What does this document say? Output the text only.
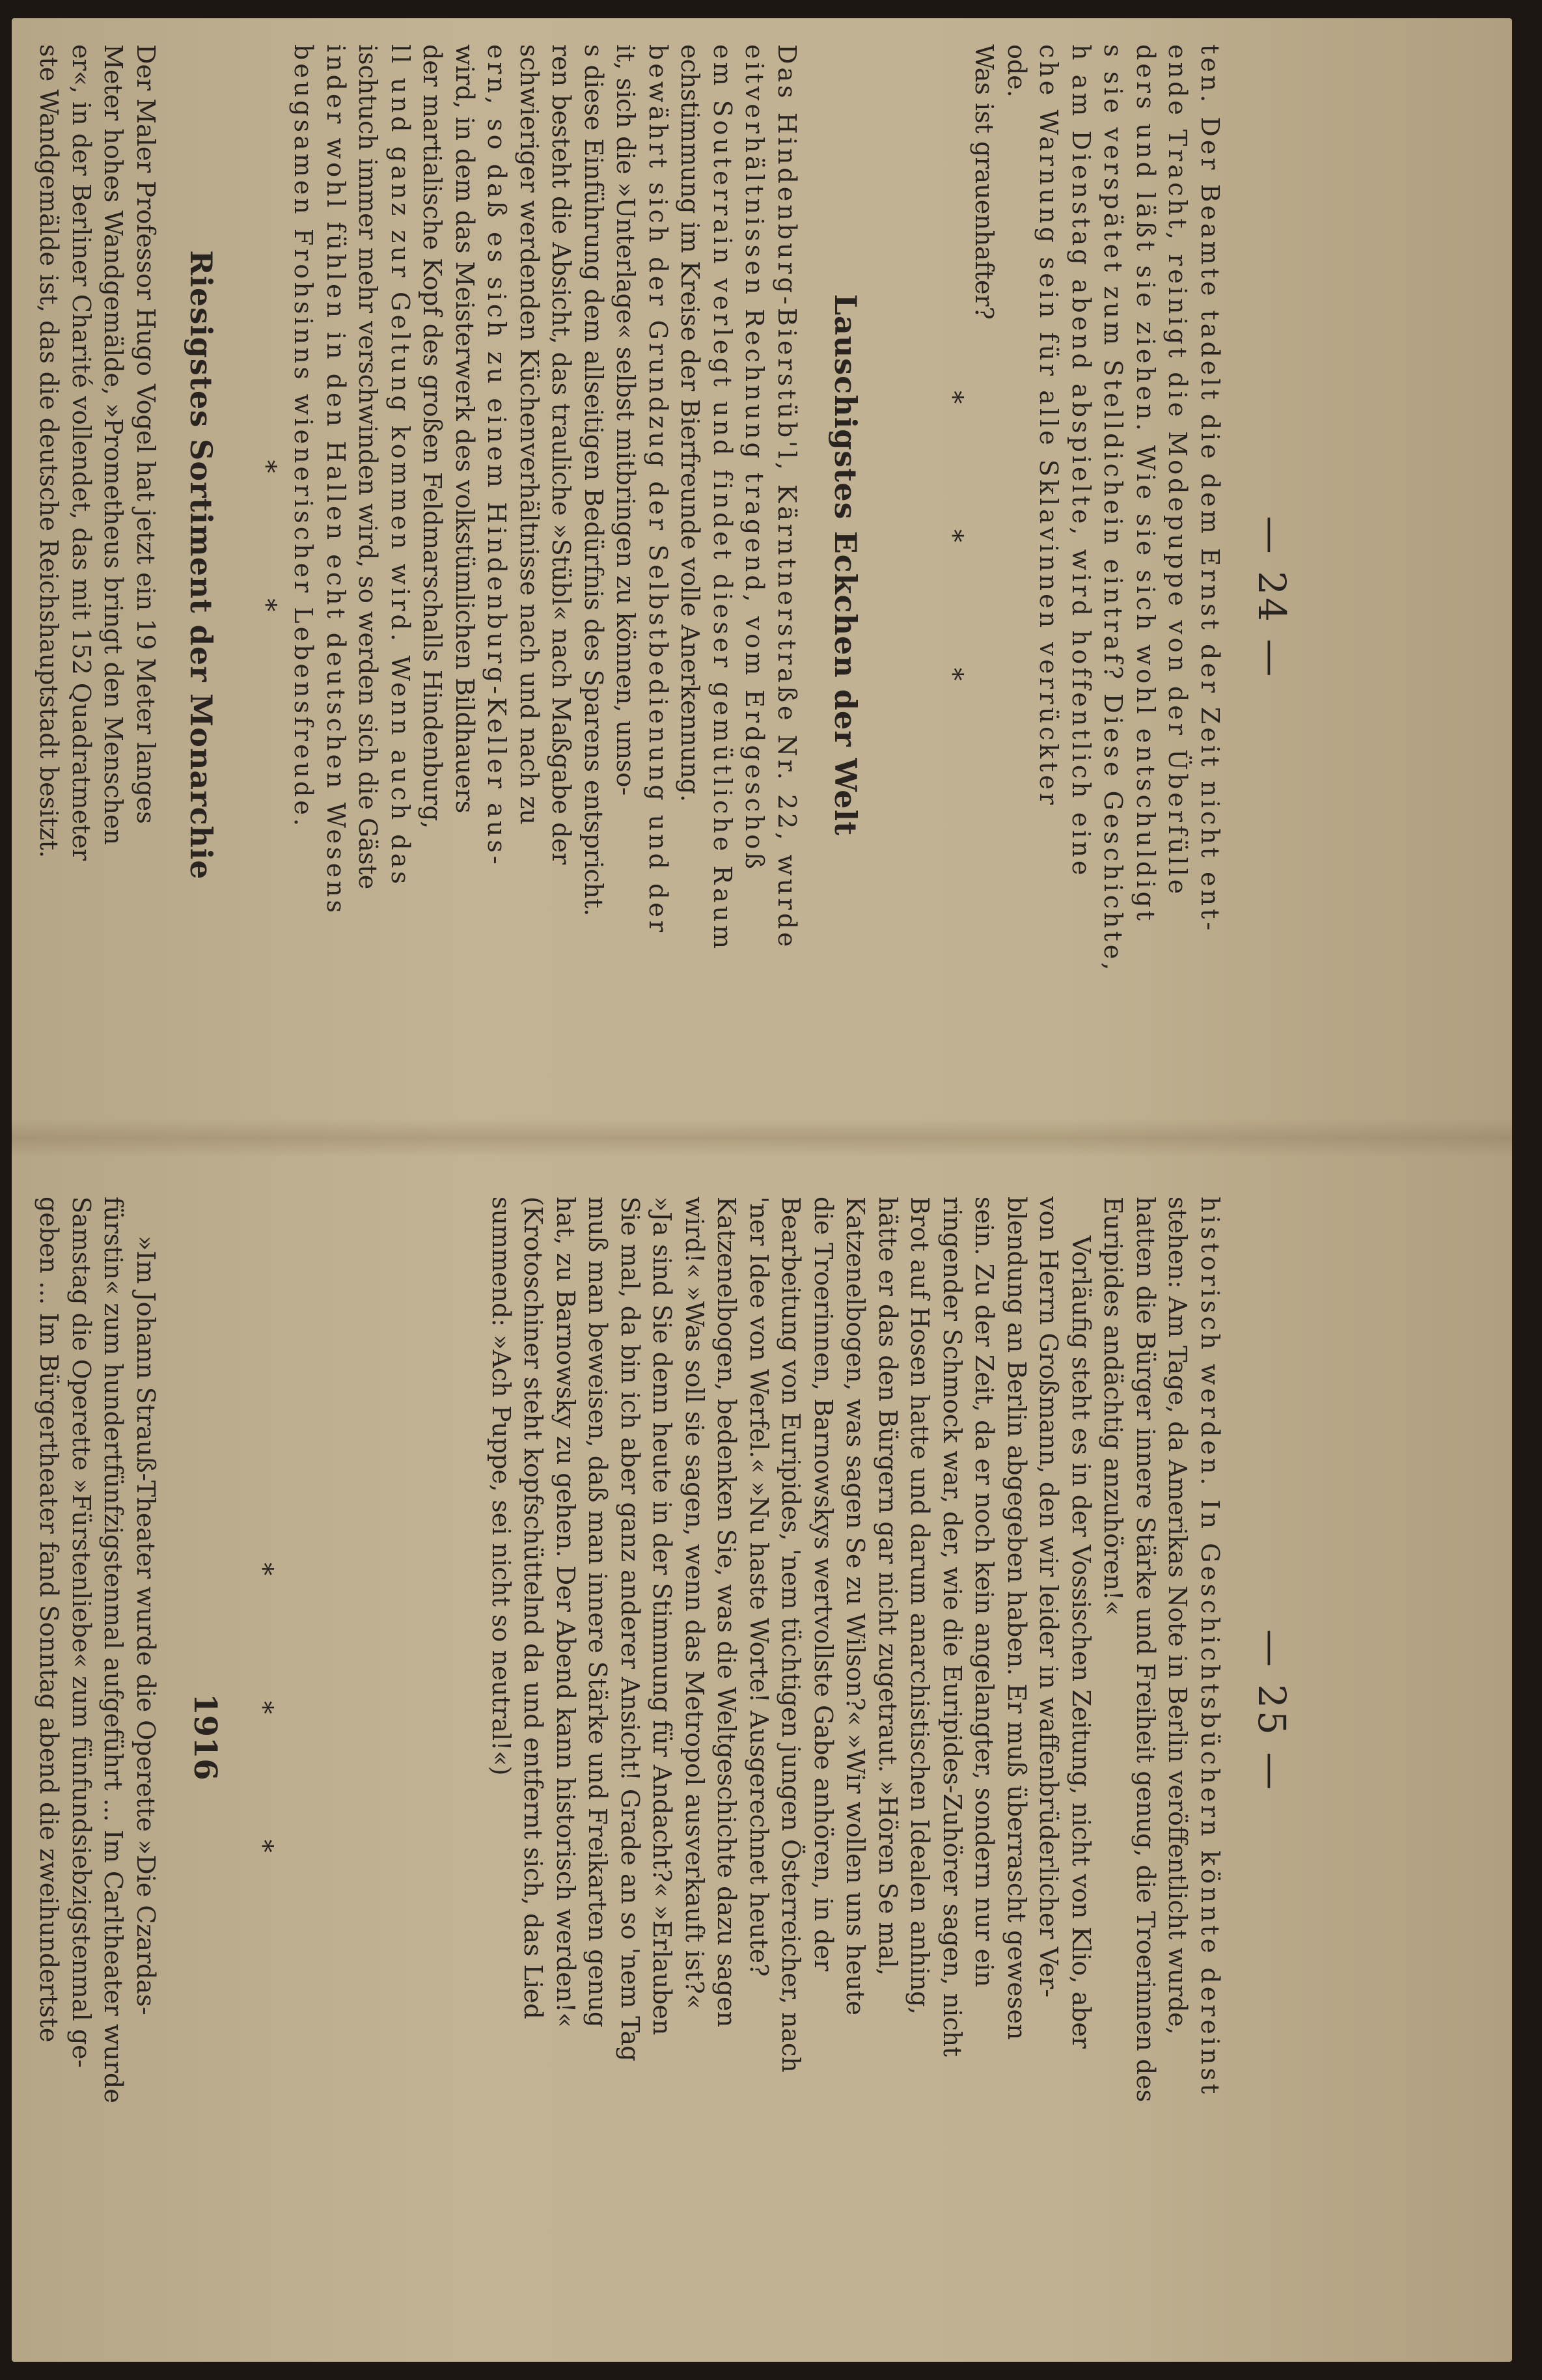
— 24 —

ten. Der Beamte tadelt die dem Ernst der Zeit nicht ent-

ende Tracht, reinigt die Modepuppe von der Überfülle

ders und läßt sie ziehen. Wie sie sich wohl entschuldigt

s sie verspätet zum Stelldichein eintraf? Diese Geschichte,

h am Dienstag abend abspielte, wird hoffentlich eine

che Warnung sein für alle Sklavinnen verrückter

ode.

Was ist grauenhafter?

* * *
Lauschigstes Eckchen der Welt

Das Hindenburg-Bierstüb'l, Kärntnerstraße Nr. 22, wurde

eitverhältnissen Rechnung tragend, vom Erdgeschoß

em Souterrain verlegt und findet dieser gemütliche Raum

echstimmung im Kreise der Bierfreunde volle Anerkennung.

bewährt sich der Grundzug der Selbstbedienung und der

it, sich die »Unterlage« selbst mitbringen zu können, umso-

s diese Einführung dem allseitigen Bedürfnis des Sparens entspricht.

ren besteht die Absicht, das trauliche »Stübl« nach Maßgabe der

schwieriger werdenden Küchenverhältnisse nach und nach zu

ern, so daß es sich zu einem Hindenburg-Keller aus-

wird, in dem das Meisterwerk des volkstümlichen Bildhauers

der martialische Kopf des großen Feldmarschalls Hindenburg,

ll und ganz zur Geltung kommen wird. Wenn auch das

ischtuch immer mehr verschwinden wird, so werden sich die Gäste

inder wohl fühlen in den Hallen echt deutschen Wesens

beugsamen Frohsinns wienerischer Lebensfreude.

* *
Riesigstes Sortiment der Monarchie

Der Maler Professor Hugo Vogel hat jetzt ein 19 Meter langes

Meter hohes Wandgemälde, »Prometheus bringt den Menschen

er«, in der Berliner Charité vollendet, das mit 152 Quadratmeter

ste Wandgemälde ist, das die deutsche Reichshauptstadt besitzt.

— 25 —

historisch werden. In Geschichtsbüchern könnte dereinst

stehen: Am Tage, da Amerikas Note in Berlin veröffentlicht wurde,

hatten die Bürger innere Stärke und Freiheit genug, die Troerinnen des

Euripides andächtig anzuhören!«

Vorläufig steht es in der Vossischen Zeitung, nicht von Klio, aber

von Herrn Großmann, den wir leider in waffenbrüderlicher Ver-

blendung an Berlin abgegeben haben. Er muß überrascht gewesen

sein. Zu der Zeit, da er noch kein angelangter, sondern nur ein

ringender Schmock war, der, wie die Euripides-Zuhörer sagen, nicht

Brot auf Hosen hatte und darum anarchistischen Idealen anhing,

hätte er das den Bürgern gar nicht zugetraut. »Hören Se mal,

Katzenelbogen, was sagen Se zu Wilson?« »Wir wollen uns heute

die Troerinnen, Barnowskys wertvollste Gabe anhören, in der

Bearbeitung von Euripides, 'nem tüchtigen jungen Österreicher, nach

'ner Idee von Werfel.« »Nu haste Worte! Ausgerechnet heute?

Katzenelbogen, bedenken Sie, was die Weltgeschichte dazu sagen

wird!« »Was soll sie sagen, wenn das Metropol ausverkauft ist?«

»Ja sind Sie denn heute in der Stimmung für Andacht?« »Erlauben

Sie mal, da bin ich aber ganz anderer Ansicht! Grade an so 'nem Tag

muß man beweisen, daß man innere Stärke und Freikarten genug

hat, zu Barnowsky zu gehen. Der Abend kann historisch werden!«

(Krotoschiner steht kopfschüttelnd da und entfernt sich, das Lied

summend: »Ach Puppe, sei nicht so neutral!«)

* * *
1916

»Im Johann Strauß-Theater wurde die Operette »Die Czardas-

fürstin« zum hundertfünfzigstenmal aufgeführt ... Im Carltheater wurde

Samstag die Operette »Fürstenliebe« zum fünfundsiebzigstenmal ge-

geben ... Im Bürgertheater fand Sonntag abend die zweihundertste
